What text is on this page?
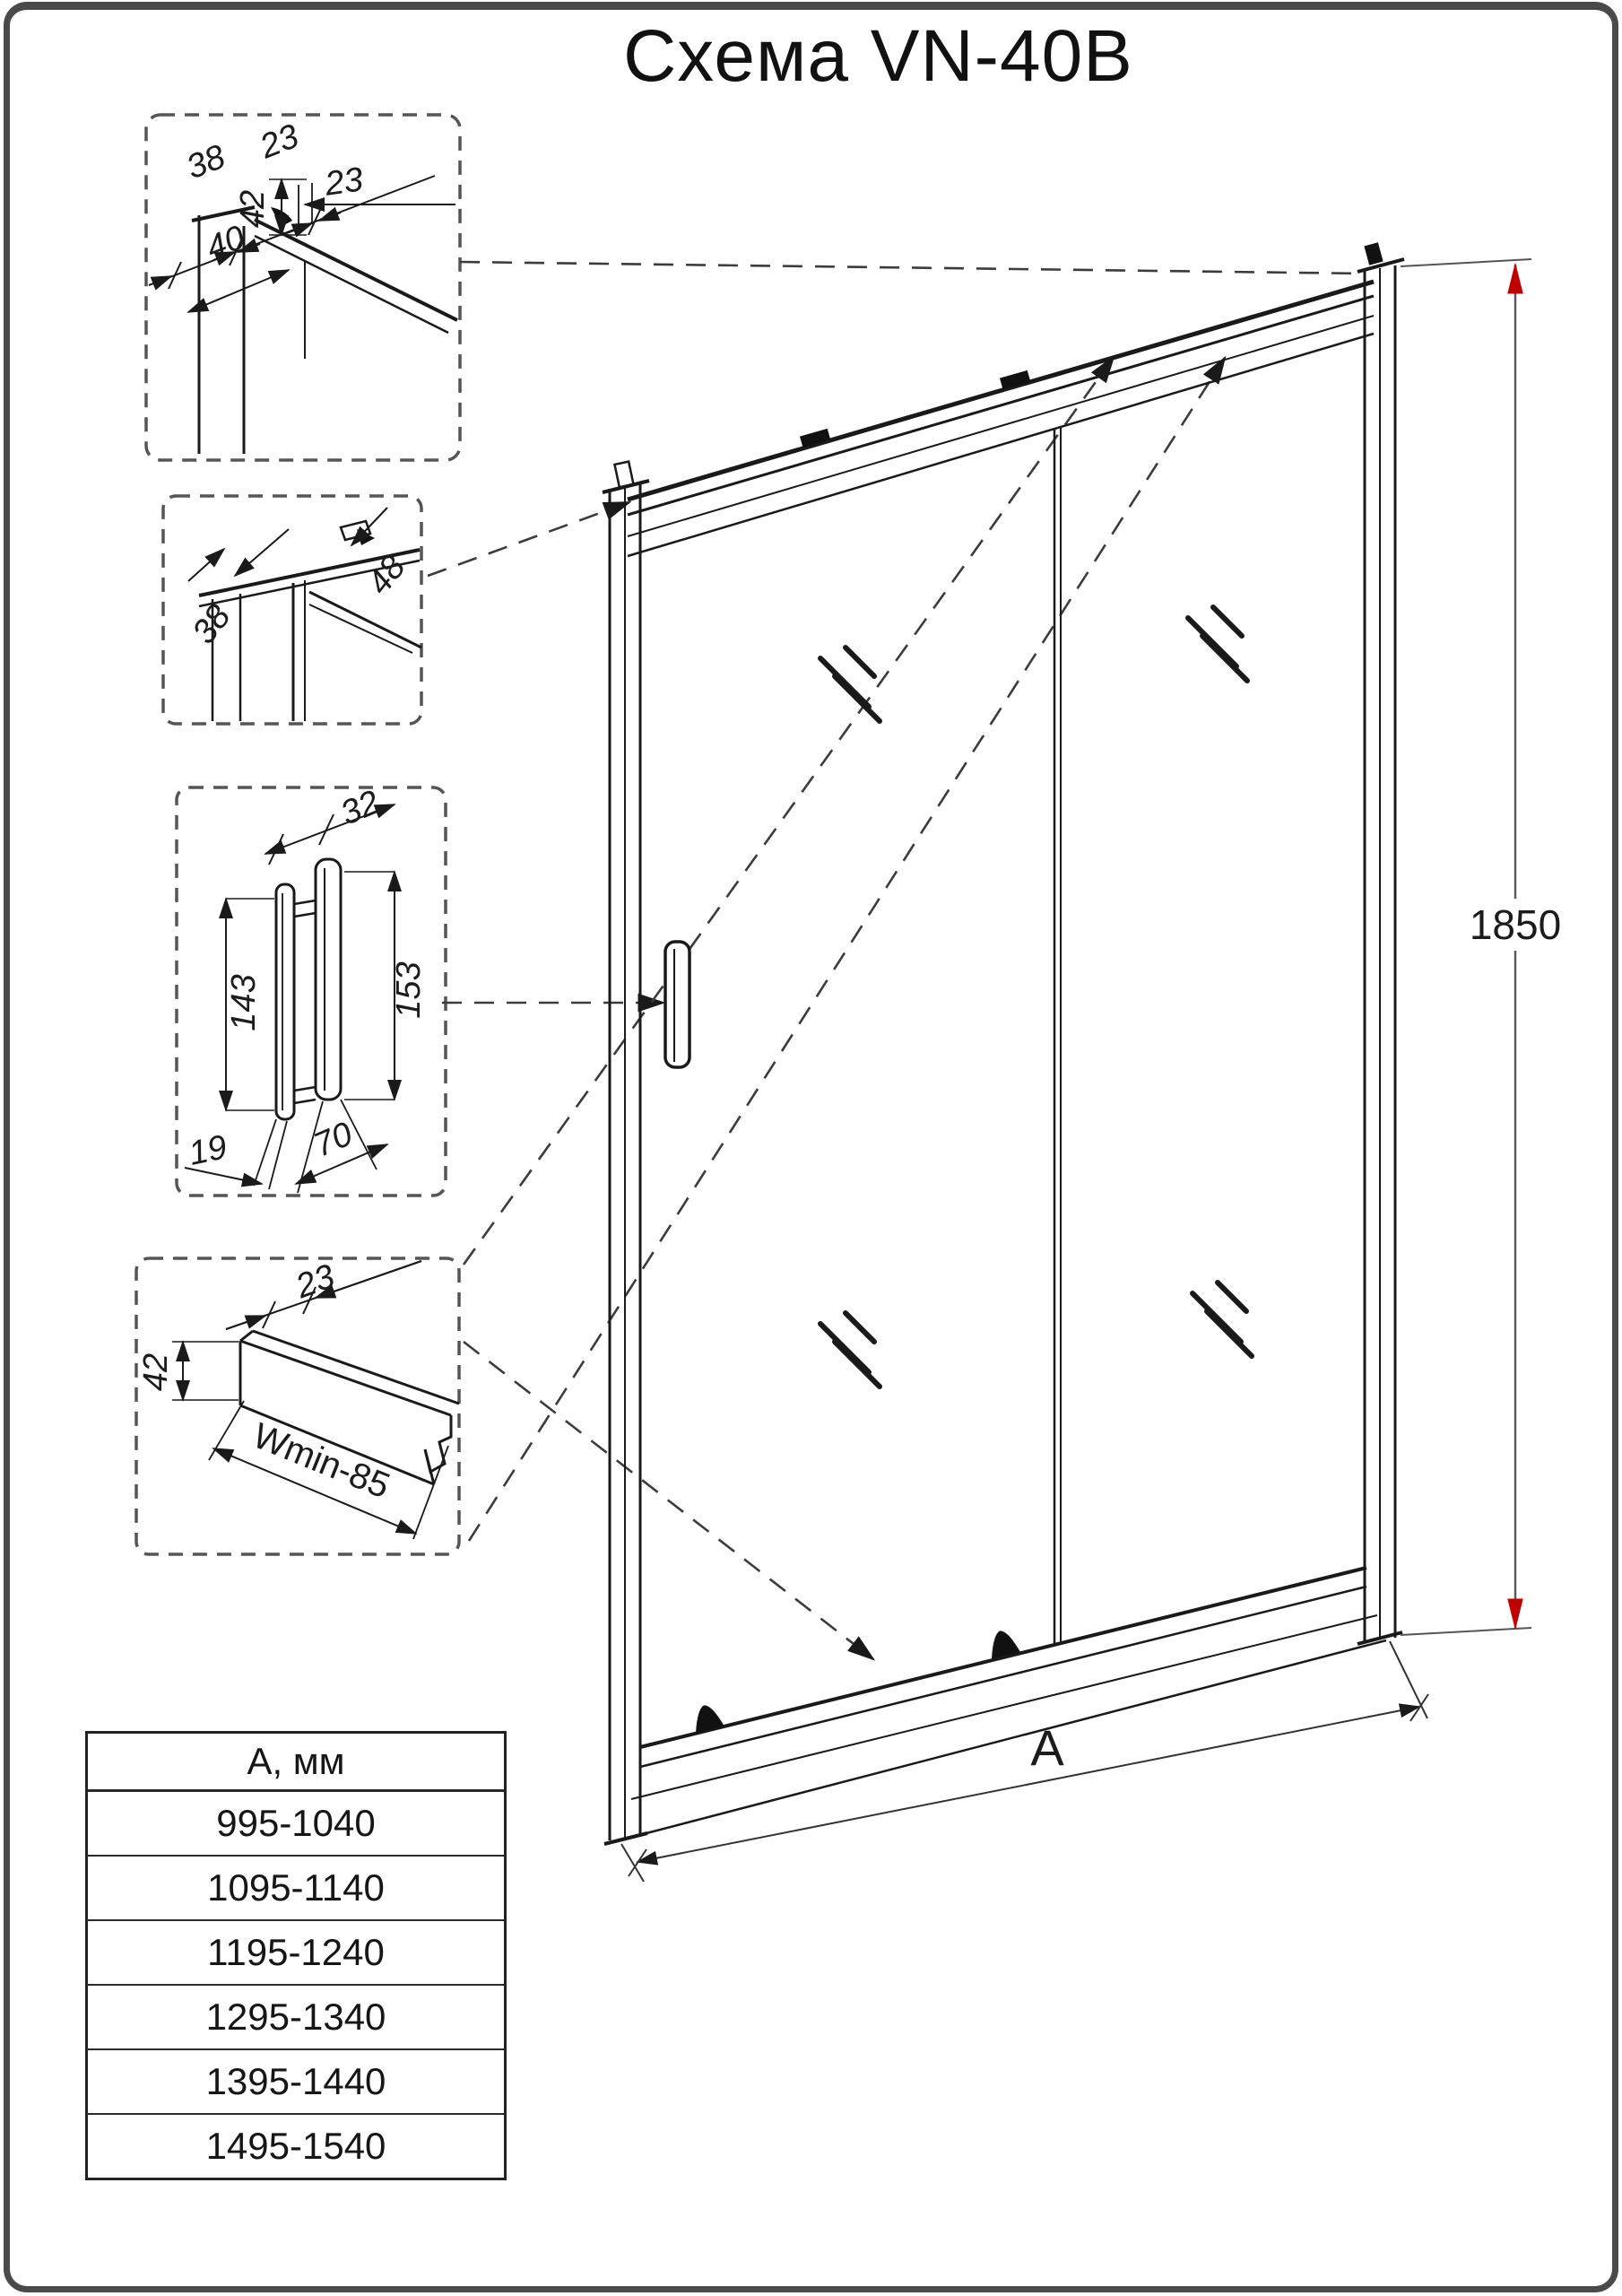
Схема VN-40B
38 23
23
40
42
38
48
32
143	153
19 70
23
42
Wmin-85
1850
A
А, мм
995-1040
1095-1140
1195-1240
1295-1340
1395-1440
1495-1540
